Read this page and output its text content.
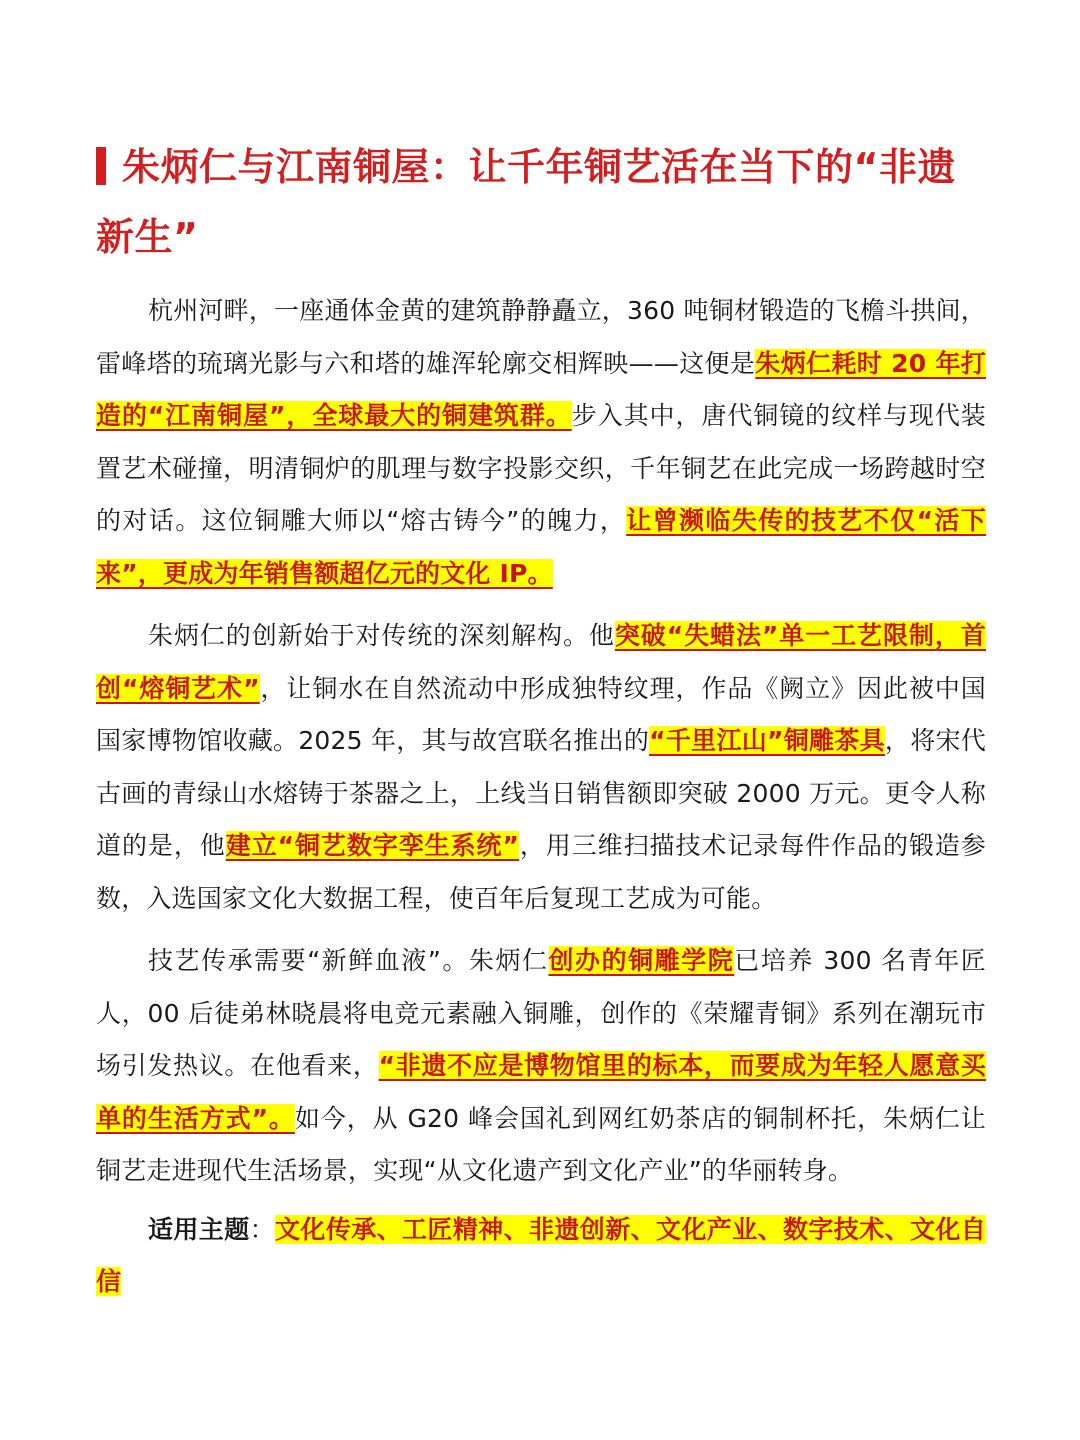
朱炳仁与江南铜屋：让千年铜艺活在当下的“非遗新生”

杭州河畔，一座通体金黄的建筑静静矗立，360 吨铜材锻造的飞檐斗拱间，雷峰塔的琉璃光影与六和塔的雄浑轮廓交相辉映——这便是朱炳仁耗时 20 年打造的“江南铜屋”，全球最大的铜建筑群。步入其中，唐代铜镜的纹样与现代装置艺术碰撞，明清铜炉的肌理与数字投影交织，千年铜艺在此完成一场跨越时空的对话。这位铜雕大师以“熔古铸今”的魄力，让曾濒临失传的技艺不仅“活下来”，更成为年销售额超亿元的文化 IP。

朱炳仁的创新始于对传统的深刻解构。他突破“失蜡法”单一工艺限制，首创“熔铜艺术”，让铜水在自然流动中形成独特纹理，作品《阙立》因此被中国国家博物馆收藏。2025 年，其与故宫联名推出的“千里江山”铜雕茶具，将宋代古画的青绿山水熔铸于茶器之上，上线当日销售额即突破 2000 万元。更令人称道的是，他建立“铜艺数字孪生系统”，用三维扫描技术记录每件作品的锻造参数，入选国家文化大数据工程，使百年后复现工艺成为可能。

技艺传承需要“新鲜血液”。朱炳仁创办的铜雕学院已培养 300 名青年匠人，00 后徒弟林晓晨将电竞元素融入铜雕，创作的《荣耀青铜》系列在潮玩市场引发热议。在他看来，“非遗不应是博物馆里的标本，而要成为年轻人愿意买单的生活方式”。如今，从 G20 峰会国礼到网红奶茶店的铜制杯托，朱炳仁让铜艺走进现代生活场景，实现“从文化遗产到文化产业”的华丽转身。

适用主题：文化传承、工匠精神、非遗创新、文化产业、数字技术、文化自信
